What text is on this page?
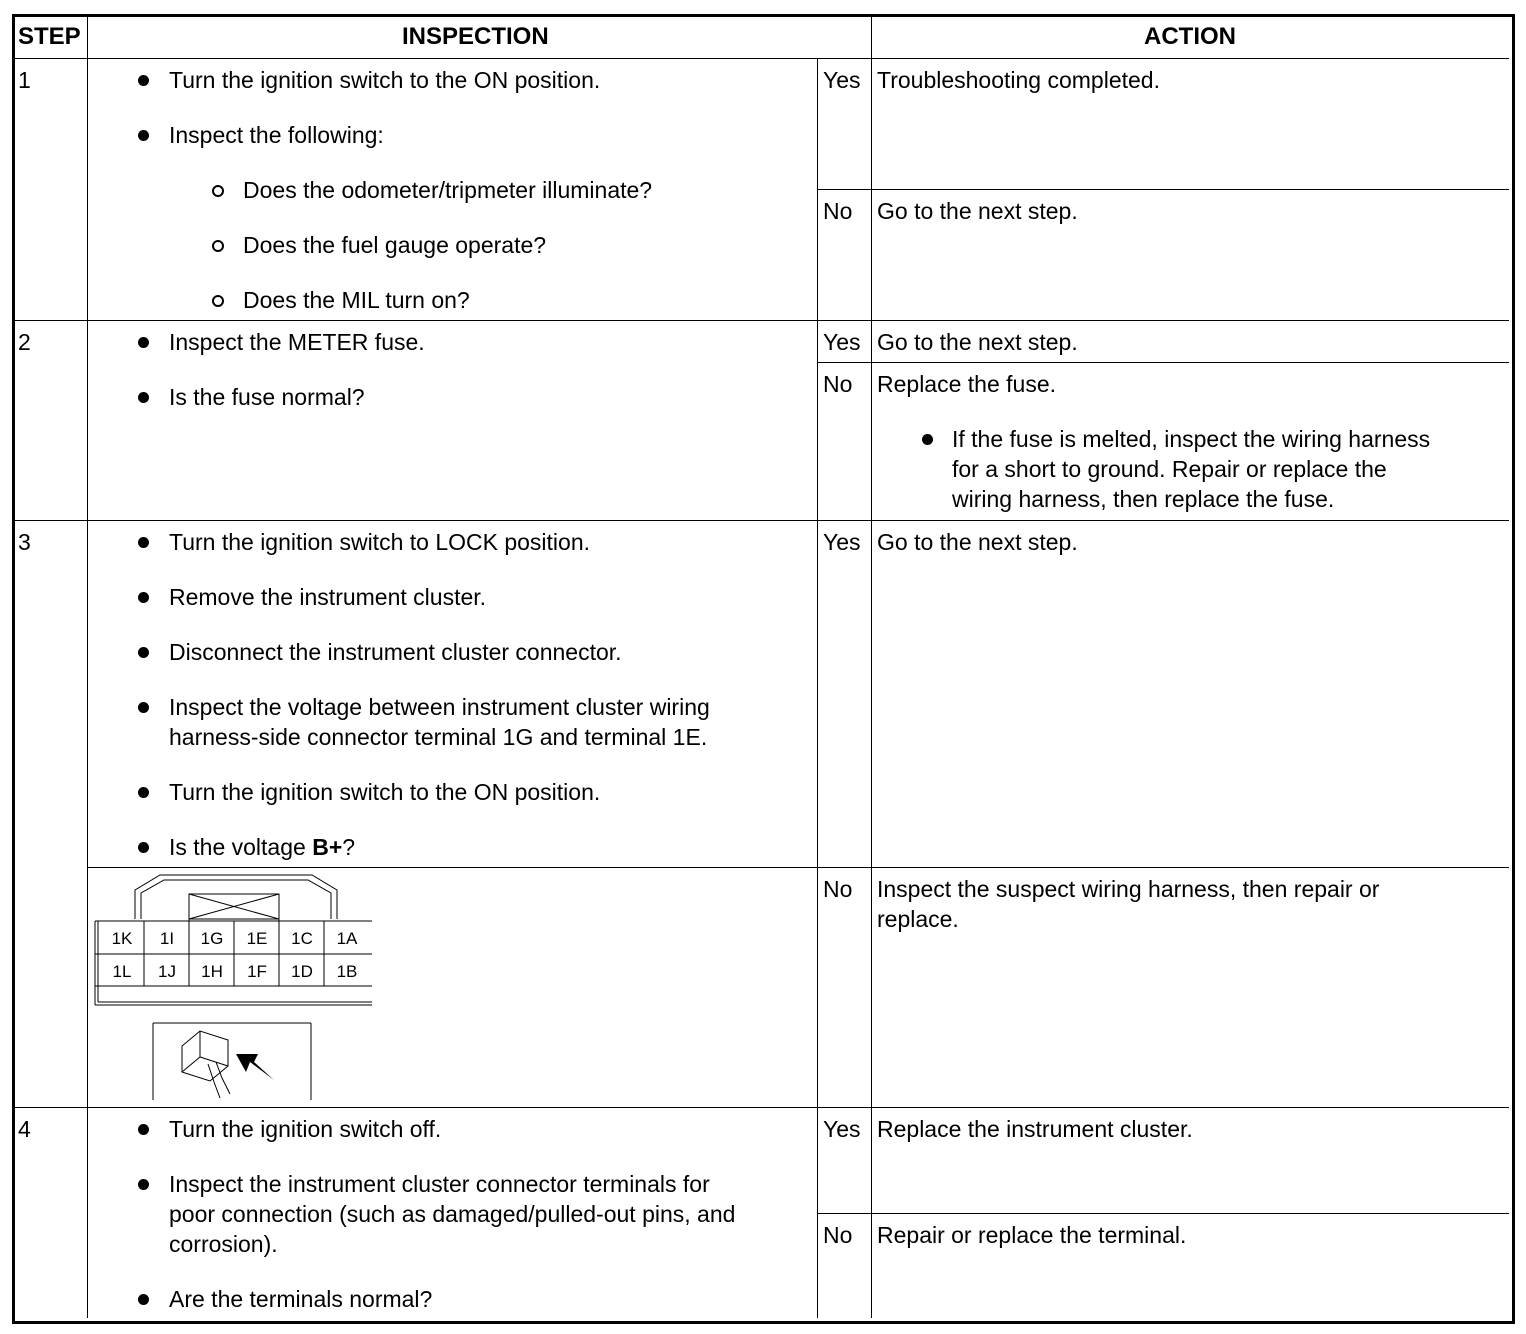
STEP	INSPECTION	ACTION
1	Turn the ignition switch to the ON position.
Inspect the following:
Does the odometer/tripmeter illuminate?
Does the fuel gauge operate?
Does the MIL turn on?
Yes Troubleshooting completed.
No Go to the next step.
2	Inspect the METER fuse.
Is the fuse normal?
Yes Go to the next step.
No Replace the fuse.
If the fuse is melted, inspect the wiring harness
for a short to ground. Repair or replace the
wiring harness, then replace the fuse.
3	Turn the ignition switch to LOCK position.
Remove the instrument cluster.
Disconnect the instrument cluster connector.
Inspect the voltage between instrument cluster wiring
harness-side connector terminal 1G and terminal 1E.
Turn the ignition switch to the ON position.
Is the voltage B+?
Yes Go to the next step.
No Inspect the suspect wiring harness, then repair or
replace.
1K 1I 1G 1E 1C 1A
1L 1J 1H 1F 1D 1B
4	Turn the ignition switch off.
Inspect the instrument cluster connector terminals for
poor connection (such as damaged/pulled-out pins, and
corrosion).
Are the terminals normal?
Yes Replace the instrument cluster.
No Repair or replace the terminal.
